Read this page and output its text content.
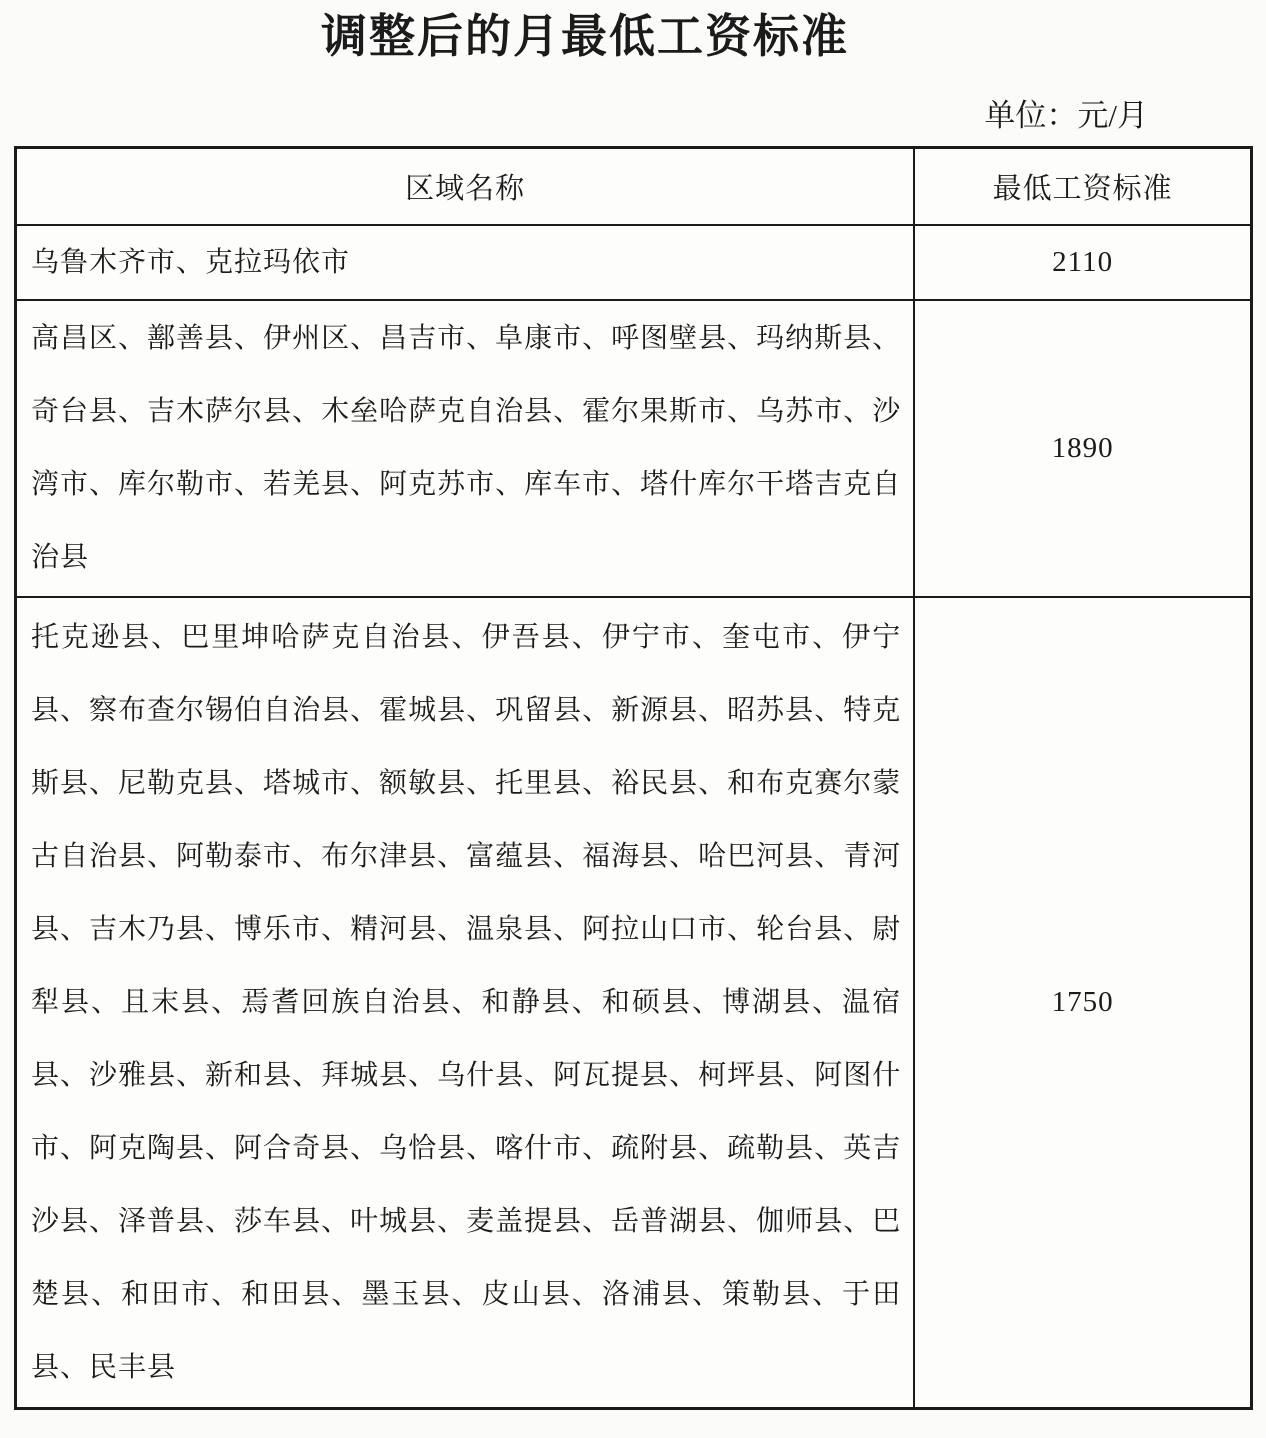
调整后的月最低工资标准
单位：元/月
区域名称	最低工资标准
乌鲁木齐市、克拉玛依市	2110
高昌区、鄯善县、伊州区、昌吉市、阜康市、呼图壁县、玛纳斯县、奇台县、吉木萨尔县、木垒哈萨克自治县、霍尔果斯市、乌苏市、沙湾市、库尔勒市、若羌县、阿克苏市、库车市、塔什库尔干塔吉克自治县	1890
托克逊县、巴里坤哈萨克自治县、伊吾县、伊宁市、奎屯市、伊宁县、察布查尔锡伯自治县、霍城县、巩留县、新源县、昭苏县、特克斯县、尼勒克县、塔城市、额敏县、托里县、裕民县、和布克赛尔蒙古自治县、阿勒泰市、布尔津县、富蕴县、福海县、哈巴河县、青河县、吉木乃县、博乐市、精河县、温泉县、阿拉山口市、轮台县、尉犁县、且末县、焉耆回族自治县、和静县、和硕县、博湖县、温宿县、沙雅县、新和县、拜城县、乌什县、阿瓦提县、柯坪县、阿图什市、阿克陶县、阿合奇县、乌恰县、喀什市、疏附县、疏勒县、英吉沙县、泽普县、莎车县、叶城县、麦盖提县、岳普湖县、伽师县、巴楚县、和田市、和田县、墨玉县、皮山县、洛浦县、策勒县、于田县、民丰县	1750
